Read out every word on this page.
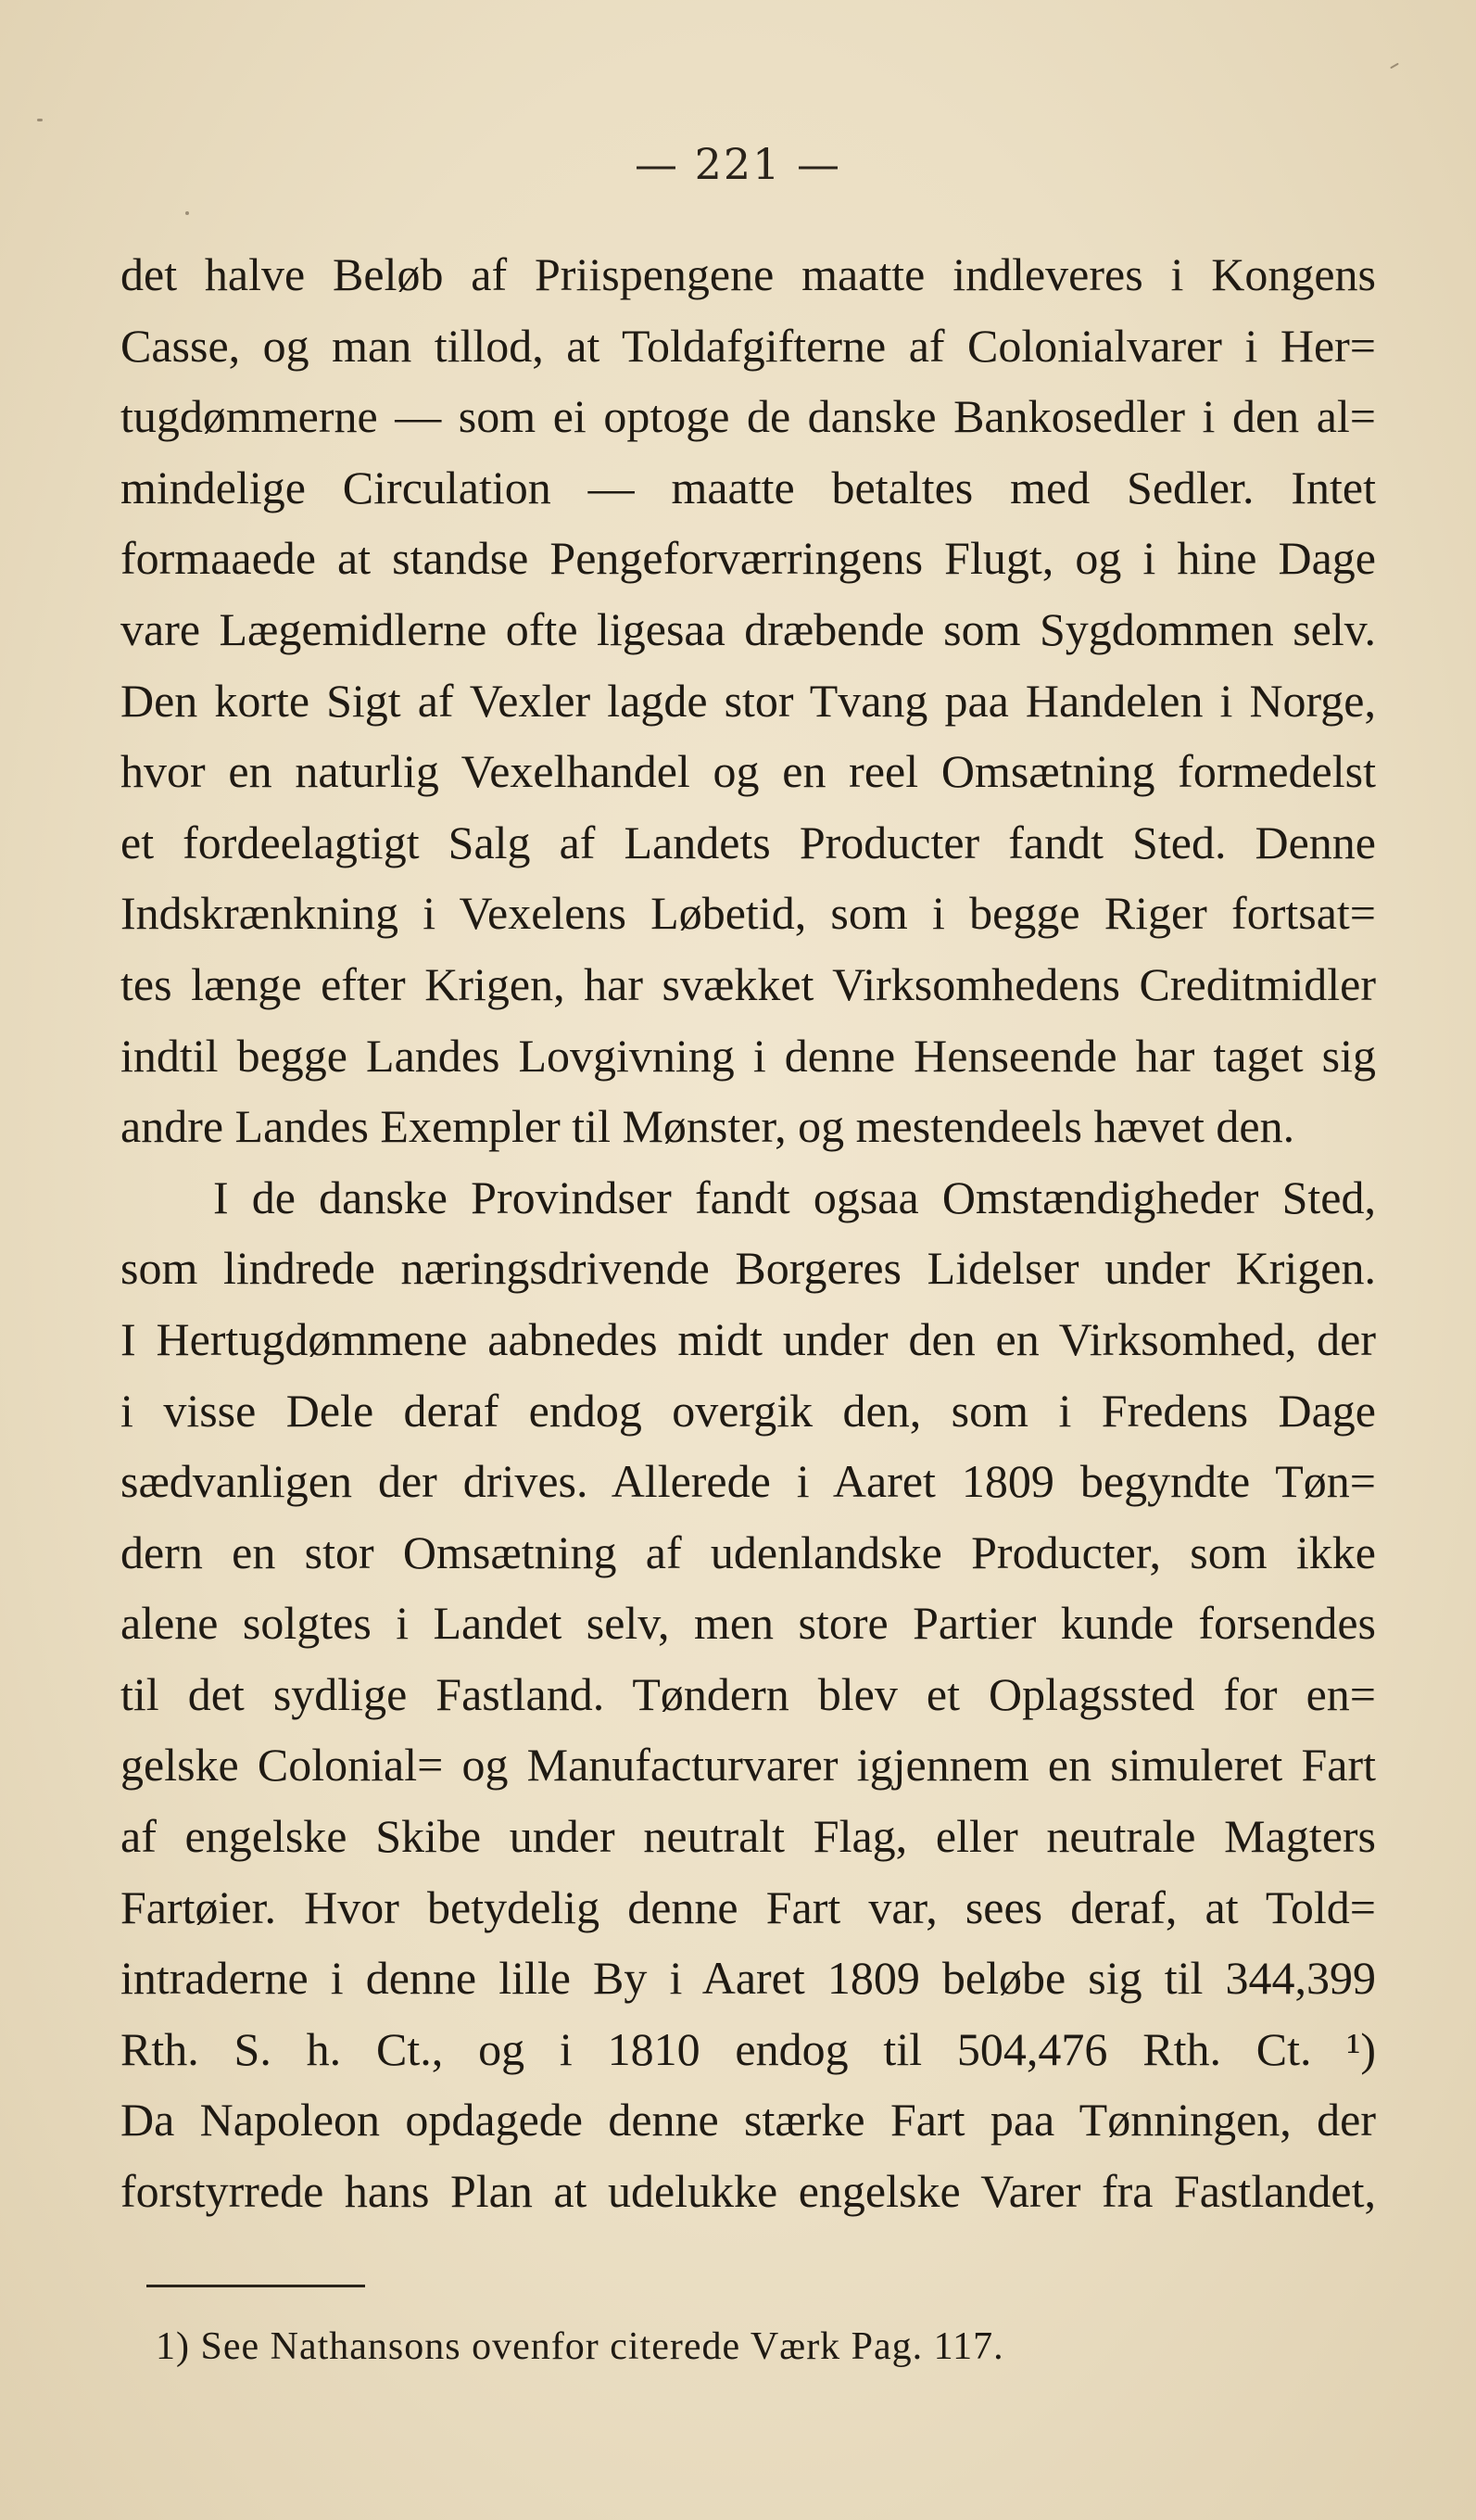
— 221 —
det halve Beløb af Priispengene maatte indleveres i Kongens
Casse, og man tillod, at Toldafgifterne af Colonialvarer i Her=
tugdømmerne — som ei optoge de danske Bankosedler i den al=
mindelige Circulation — maatte betaltes med Sedler. Intet
formaaede at standse Pengeforværringens Flugt, og i hine Dage
vare Lægemidlerne ofte ligesaa dræbende som Sygdommen selv.
Den korte Sigt af Vexler lagde stor Tvang paa Handelen i Norge,
hvor en naturlig Vexelhandel og en reel Omsætning formedelst
et fordeelagtigt Salg af Landets Producter fandt Sted. Denne
Indskrænkning i Vexelens Løbetid, som i begge Riger fortsat=
tes længe efter Krigen, har svækket Virksomhedens Creditmidler
indtil begge Landes Lovgivning i denne Henseende har taget sig
andre Landes Exempler til Mønster, og mestendeels hævet den.
I de danske Provindser fandt ogsaa Omstændigheder Sted,
som lindrede næringsdrivende Borgeres Lidelser under Krigen.
I Hertugdømmene aabnedes midt under den en Virksomhed, der
i visse Dele deraf endog overgik den, som i Fredens Dage
sædvanligen der drives. Allerede i Aaret 1809 begyndte Tøn=
dern en stor Omsætning af udenlandske Producter, som ikke
alene solgtes i Landet selv, men store Partier kunde forsendes
til det sydlige Fastland. Tøndern blev et Oplagssted for en=
gelske Colonial= og Manufacturvarer igjennem en simuleret Fart
af engelske Skibe under neutralt Flag, eller neutrale Magters
Fartøier. Hvor betydelig denne Fart var, sees deraf, at Told=
intraderne i denne lille By i Aaret 1809 beløbe sig til 344,399
Rth. S. h. Ct., og i 1810 endog til 504,476 Rth. Ct. ¹)
Da Napoleon opdagede denne stærke Fart paa Tønningen, der
forstyrrede hans Plan at udelukke engelske Varer fra Fastlandet,
1) See Nathansons ovenfor citerede Værk Pag. 117.
